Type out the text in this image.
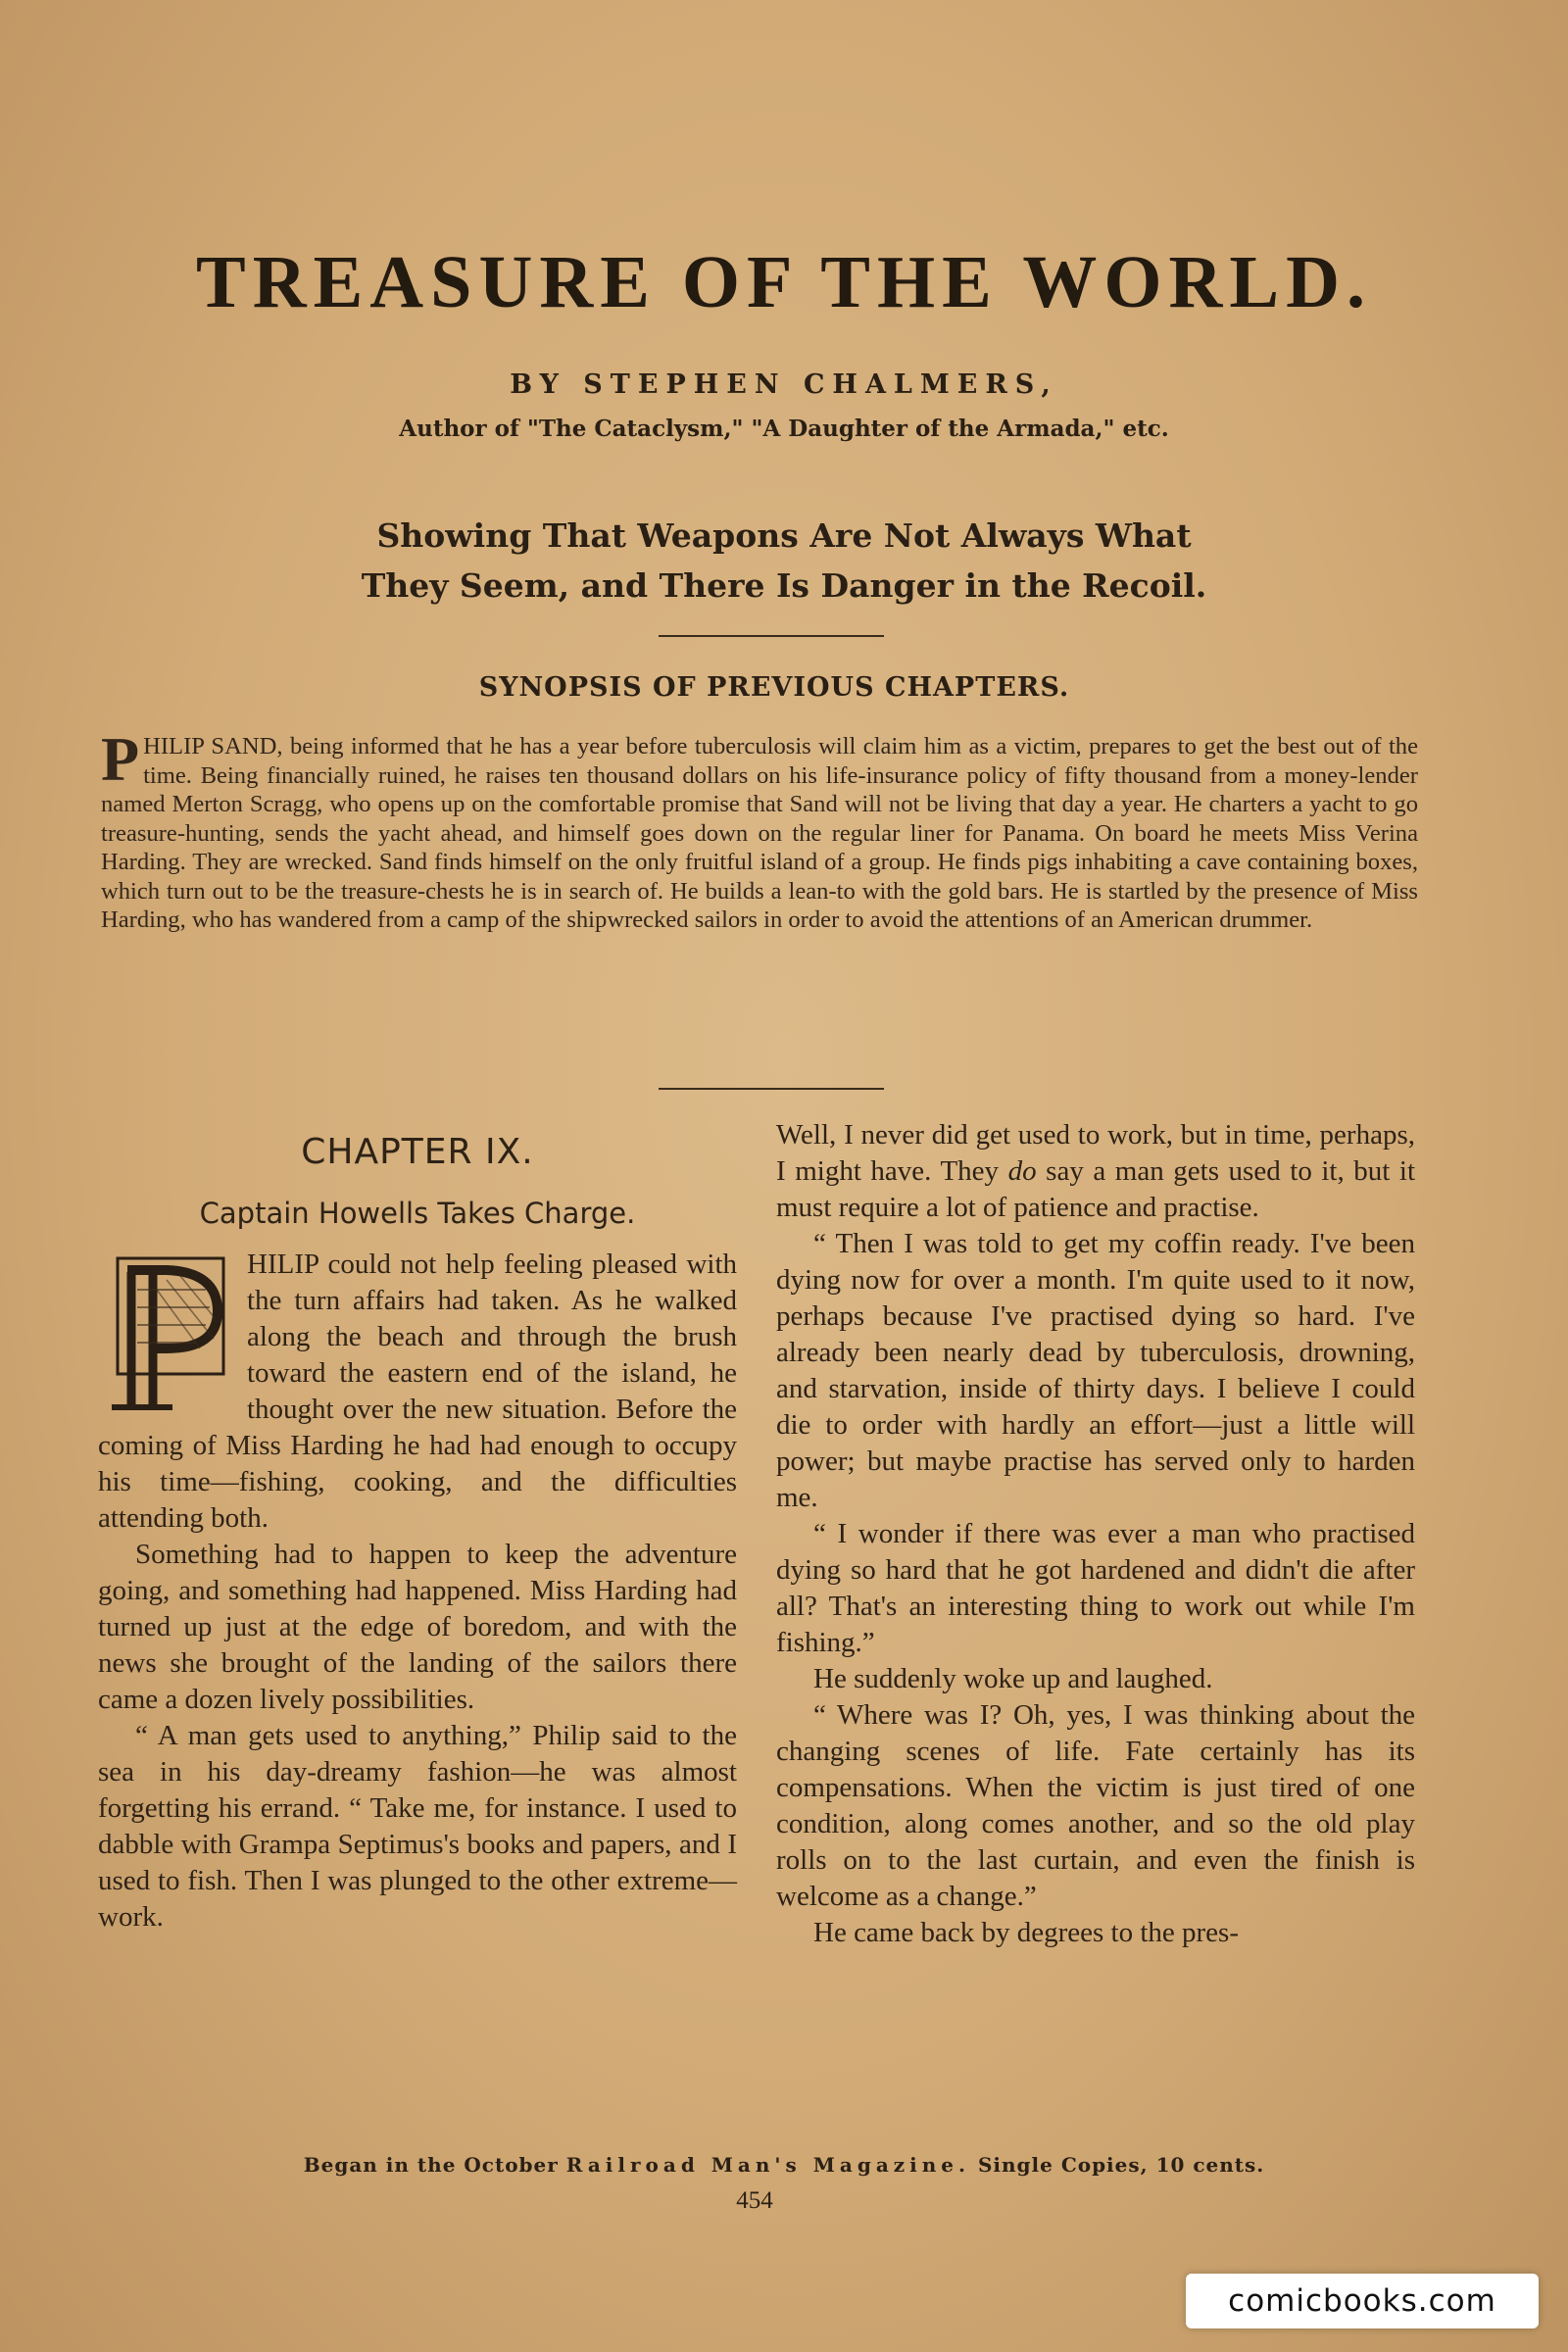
TREASURE OF THE WORLD.
BY STEPHEN CHALMERS,
Author of "The Cataclysm," "A Daughter of the Armada," etc.
Showing That Weapons Are Not Always What
They Seem, and There Is Danger in the Recoil.
SYNOPSIS OF PREVIOUS CHAPTERS.
PHILIP SAND, being informed that he has a year before tuberculosis will claim him as a victim, prepares to get the best out of the time. Being financially ruined, he raises ten thousand dollars on his life-insurance policy of fifty thousand from a money-lender named Merton Scragg, who opens up on the comfortable promise that Sand will not be living that day a year. He charters a yacht to go treasure-hunting, sends the yacht ahead, and himself goes down on the regular liner for Panama. On board he meets Miss Verina Harding. They are wrecked. Sand finds himself on the only fruitful island of a group. He finds pigs inhabiting a cave containing boxes, which turn out to be the treasure-chests he is in search of. He builds a lean-to with the gold bars. He is startled by the presence of Miss Harding, who has wandered from a camp of the shipwrecked sailors in order to avoid the attentions of an American drummer.
CHAPTER IX.
Captain Howells Takes Charge.

HILIP could not help feeling pleased with the turn affairs had taken. As he walked along the beach and through the brush toward the eastern end of the island, he thought over the new situation. Before the coming of Miss Harding he had had enough to occupy his time—fishing, cooking, and the difficulties attending both.

Something had to happen to keep the adventure going, and something had happened. Miss Harding had turned up just at the edge of boredom, and with the news she brought of the landing of the sailors there came a dozen lively possibilities.

“ A man gets used to anything,” Philip said to the sea in his day-dreamy fashion—he was almost forgetting his errand. “ Take me, for instance. I used to dabble with Grampa Septimus's books and papers, and I used to fish. Then I was plunged to the other extreme—work.

Well, I never did get used to work, but in time, perhaps, I might have. They do say a man gets used to it, but it must require a lot of patience and practise.

“ Then I was told to get my coffin ready. I've been dying now for over a month. I'm quite used to it now, perhaps because I've practised dying so hard. I've already been nearly dead by tuberculosis, drowning, and starvation, inside of thirty days. I believe I could die to order with hardly an effort—just a little will power; but maybe practise has served only to harden me.

“ I wonder if there was ever a man who practised dying so hard that he got hardened and didn't die after all? That's an interesting thing to work out while I'm fishing.”

He suddenly woke up and laughed.

“ Where was I? Oh, yes, I was thinking about the changing scenes of life. Fate certainly has its compensations. When the victim is just tired of one condition, along comes another, and so the old play rolls on to the last curtain, and even the finish is welcome as a change.”

He came back by degrees to the pres-

Began in the October Railroad Man's Magazine. Single Copies, 10 cents.
454
comicbooks.com
